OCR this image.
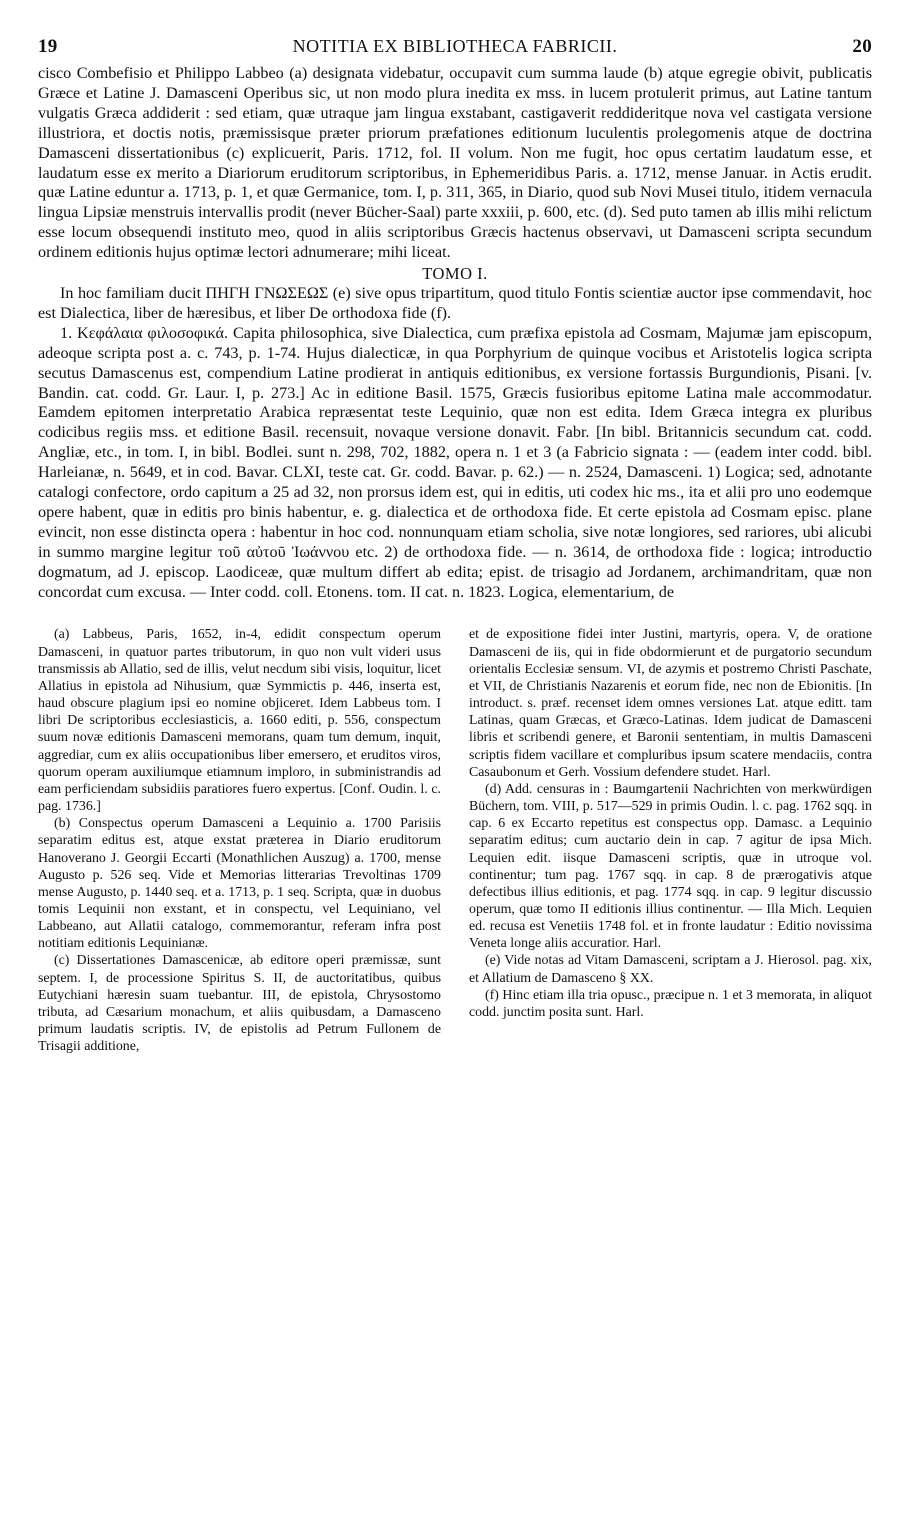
19	NOTITIA EX BIBLIOTHECA FABRICII.	20

cisco Combefisio et Philippo Labbeo (a) designata videbatur, occupavit cum summa laude (b) atque egregie obivit, publicatis Græce et Latine J. Damasceni Operibus sic, ut non modo plura inedita ex mss. in lucem protulerit primus, aut Latine tantum vulgatis Græca addiderit : sed etiam, quæ utraque jam lingua exstabant, castigaverit reddideritque nova vel castigata versione illustriora, et doctis notis, præmissisque præter priorum præfationes editionum luculentis prolegomenis atque de doctrina Damasceni dissertationibus (c) explicuerit, Paris. 1712, fol. II volum. Non me fugit, hoc opus certatim laudatum esse, et laudatum esse ex merito a Diariorum eruditorum scriptoribus, in Ephemeridibus Paris. a. 1712, mense Januar. in Actis erudit. quæ Latine eduntur a. 1713, p. 1, et quæ Germanice, tom. I, p. 311, 365, in Diario, quod sub Novi Musei titulo, itidem vernacula lingua Lipsiæ menstruis intervallis prodit (never Bücher-Saal) parte xxxiii, p. 600, etc. (d). Sed puto tamen ab illis mihi relictum esse locum obsequendi instituto meo, quod in aliis scriptoribus Græcis hactenus observavi, ut Damasceni scripta secundum ordinem editionis hujus optimæ lectori adnumerare; mihi liceat.

TOMO I.

In hoc familiam ducit ΠΗΓΗ ΓΝΩΣΕΩΣ (e) sive opus tripartitum, quod titulo Fontis scientiæ auctor ipse commendavit, hoc est Dialectica, liber de hæresibus, et liber De orthodoxa fide (f).

1. Κεφάλαια φιλοσοφικά. Capita philosophica, sive Dialectica, cum præfixa epistola ad Cosmam, Majumæ jam episcopum, adeoque scripta post a. c. 743, p. 1-74. Hujus dialecticæ, in qua Porphyrium de quinque vocibus et Aristotelis logica scripta secutus Damascenus est, compendium Latine prodierat in antiquis editionibus, ex versione fortassis Burgundionis, Pisani. [v. Bandin. cat. codd. Gr. Laur. I, p. 273.] Ac in editione Basil. 1575, Græcis fusioribus epitome Latina male accommodatur. Eamdem epitomen interpretatio Arabica repræsentat teste Lequinio, quæ non est edita. Idem Græca integra ex pluribus codicibus regiis mss. et editione Basil. recensuit, novaque versione donavit. Fabr. [In bibl. Britannicis secundum cat. codd. Angliæ, etc., in tom. I, in bibl. Bodlei. sunt n. 298, 702, 1882, opera n. 1 et 3 (a Fabricio signata : — (eadem inter codd. bibl. Harleianæ, n. 5649, et in cod. Bavar. CLXI, teste cat. Gr. codd. Bavar. p. 62.) — n. 2524, Damasceni. 1) Logica; sed, adnotante catalogi confectore, ordo capitum a 25 ad 32, non prorsus idem est, qui in editis, uti codex hic ms., ita et alii pro uno eodemque opere habent, quæ in editis pro binis habentur, e. g. dialectica et de orthodoxa fide. Et certe epistola ad Cosmam episc. plane evincit, non esse distincta opera : habentur in hoc cod. nonnunquam etiam scholia, sive notæ longiores, sed rariores, ubi alicubi in summo margine legitur τοῦ αὐτοῦ Ἰωάννου etc. 2) de orthodoxa fide. — n. 3614, de orthodoxa fide : logica; introductio dogmatum, ad J. episcop. Laodiceæ, quæ multum differt ab edita; epist. de trisagio ad Jordanem, archimandritam, quæ non concordat cum excusa. — Inter codd. coll. Etonens. tom. II cat. n. 1823. Logica, elementarium, de

(a) Labbeus, Paris, 1652, in-4, edidit conspectum operum Damasceni, in quatuor partes tributorum, in quo non vult videri usus transmissis ab Allatio, sed de illis, velut necdum sibi visis, loquitur, licet Allatius in epistola ad Nihusium, quæ Symmictis p. 446, inserta est, haud obscure plagium ipsi eo nomine objiceret. Idem Labbeus tom. I libri De scriptoribus ecclesiasticis, a. 1660 editi, p. 556, conspectum suum novæ editionis Damasceni memorans, quam tum demum, inquit, aggrediar, cum ex aliis occupationibus liber emersero, et eruditos viros, quorum operam auxiliumque etiamnum imploro, in subministrandis ad eam perficiendam subsidiis paratiores fuero expertus. [Conf. Oudin. l. c. pag. 1736.]

(b) Conspectus operum Damasceni a Lequinio a. 1700 Parisiis separatim editus est, atque exstat præterea in Diario eruditorum Hanoverano J. Georgii Eccarti (Monathlichen Auszug) a. 1700, mense Augusto p. 526 seq. Vide et Memorias litterarias Trevoltinas 1709 mense Augusto, p. 1440 seq. et a. 1713, p. 1 seq. Scripta, quæ in duobus tomis Lequinii non exstant, et in conspectu, vel Lequiniano, vel Labbeano, aut Allatii catalogo, commemorantur, referam infra post notitiam editionis Lequinianæ.

(c) Dissertationes Damascenicæ, ab editore operi præmissæ, sunt septem. I, de processione Spiritus S. II, de auctoritatibus, quibus Eutychiani hæresin suam tuebantur. III, de epistola, Chrysostomo tributa, ad Cæsarium monachum, et aliis quibusdam, a Damasceno primum laudatis scriptis. IV, de epistolis ad Petrum Fullonem de Trisagii additione,

et de expositione fidei inter Justini, martyris, opera. V, de oratione Damasceni de iis, qui in fide obdormierunt et de purgatorio secundum orientalis Ecclesiæ sensum. VI, de azymis et postremo Christi Paschate, et VII, de Christianis Nazarenis et eorum fide, nec non de Ebionitis. [In introduct. s. præf. recenset idem omnes versiones Lat. atque editt. tam Latinas, quam Græcas, et Græco-Latinas. Idem judicat de Damasceni libris et scribendi genere, et Baronii sententiam, in multis Damasceni scriptis fidem vacillare et compluribus ipsum scatere mendaciis, contra Casaubonum et Gerh. Vossium defendere studet. Harl.

(d) Add. censuras in : Baumgartenii Nachrichten von merkwürdigen Büchern, tom. VIII, p. 517—529 in primis Oudin. l. c. pag. 1762 sqq. in cap. 6 ex Eccarto repetitus est conspectus opp. Damasc. a Lequinio separatim editus; cum auctario dein in cap. 7 agitur de ipsa Mich. Lequien edit. iisque Damasceni scriptis, quæ in utroque vol. continentur; tum pag. 1767 sqq. in cap. 8 de prærogativis atque defectibus illius editionis, et pag. 1774 sqq. in cap. 9 legitur discussio operum, quæ tomo II editionis illius continentur. — Illa Mich. Lequien ed. recusa est Venetiis 1748 fol. et in fronte laudatur : Editio novissima Veneta longe aliis accuratior. Harl.

(e) Vide notas ad Vitam Damasceni, scriptam a J. Hierosol. pag. xix, et Allatium de Damasceno § XX.

(f) Hinc etiam illa tria opusc., præcipue n. 1 et 3 memorata, in aliquot codd. junctim posita sunt. Harl.
